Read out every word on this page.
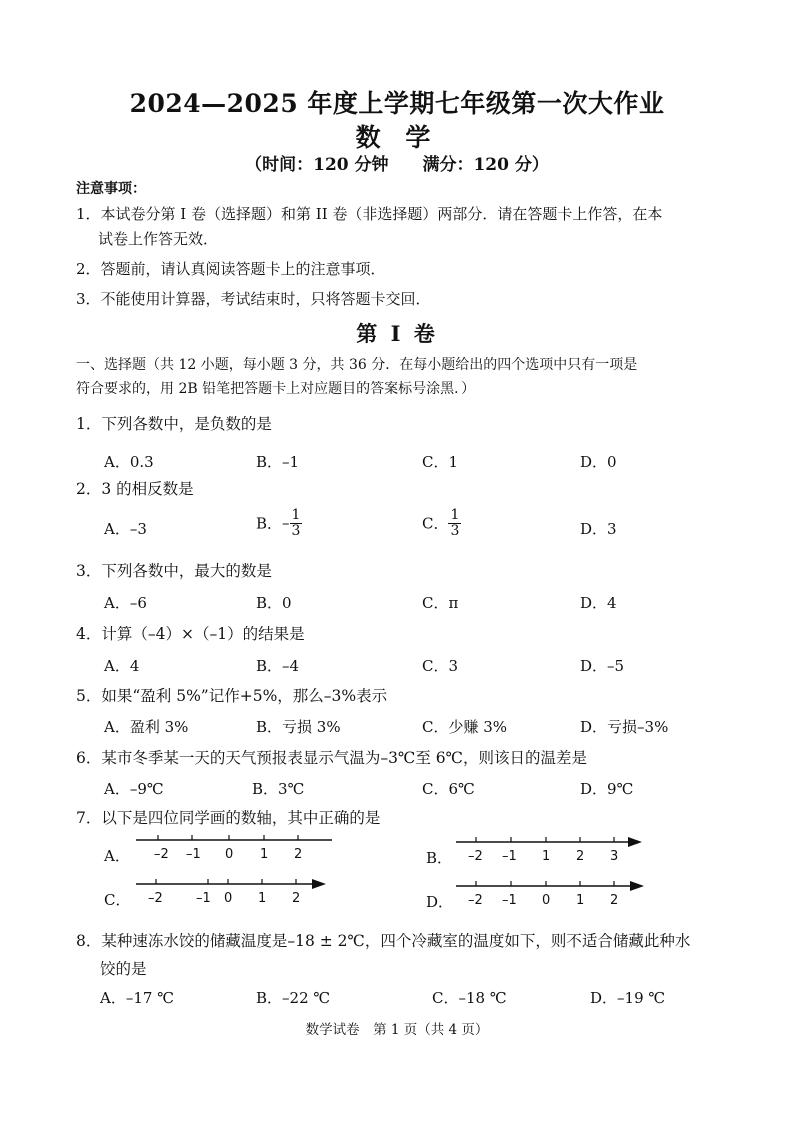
2024—2025 年度上学期七年级第一次大作业
数 学
（时间：120 分钟 满分：120 分）
注意事项：
1．本试卷分第 I 卷（选择题）和第 II 卷（非选择题）两部分．请在答题卡上作答，在本
试卷上作答无效．
2．答题前，请认真阅读答题卡上的注意事项．
3．不能使用计算器，考试结束时，只将答题卡交回．
第 I 卷
一、选择题（共 12 小题，每小题 3 分，共 36 分．在每小题给出的四个选项中只有一项是
符合要求的，用 2B 铅笔把答题卡上对应题目的答案标号涂黑．）
1．下列各数中，是负数的是
A．0.3	B．–1	C．1	D．0
2．3 的相反数是
A．–3	B．– $\frac{1}{3}$	C． $\frac{1}{3}$	D．3
3．下列各数中，最大的数是
A．–6	B．0	C．π	D．4
4．计算（–4）×（–1）的结果是
A．4	B．–4	C．3	D．–5
5．如果“盈利 5%”记作+5%，那么–3%表示
A．盈利 3%	B．亏损 3%	C．少赚 3%	D．亏损–3%
6．某市冬季某一天的天气预报表显示气温为–3℃至 6℃，则该日的温差是
A．–9℃	B．3℃	C．6℃	D．9℃
7．以下是四位同学画的数轴，其中正确的是
A．	B．
C．	D．
–2 –1 0 1 2	–2 –1 1 2 3
–2	–1 0 1 2	–2 –1 0 1 2
8．某种速冻水饺的储藏温度是–18 ± 2℃，四个冷藏室的温度如下，则不适合储藏此种水
饺的是
A．–17 ℃	B．–22 ℃	C．–18 ℃	D．–19 ℃
数学试卷　第 1 页（共 4 页）
